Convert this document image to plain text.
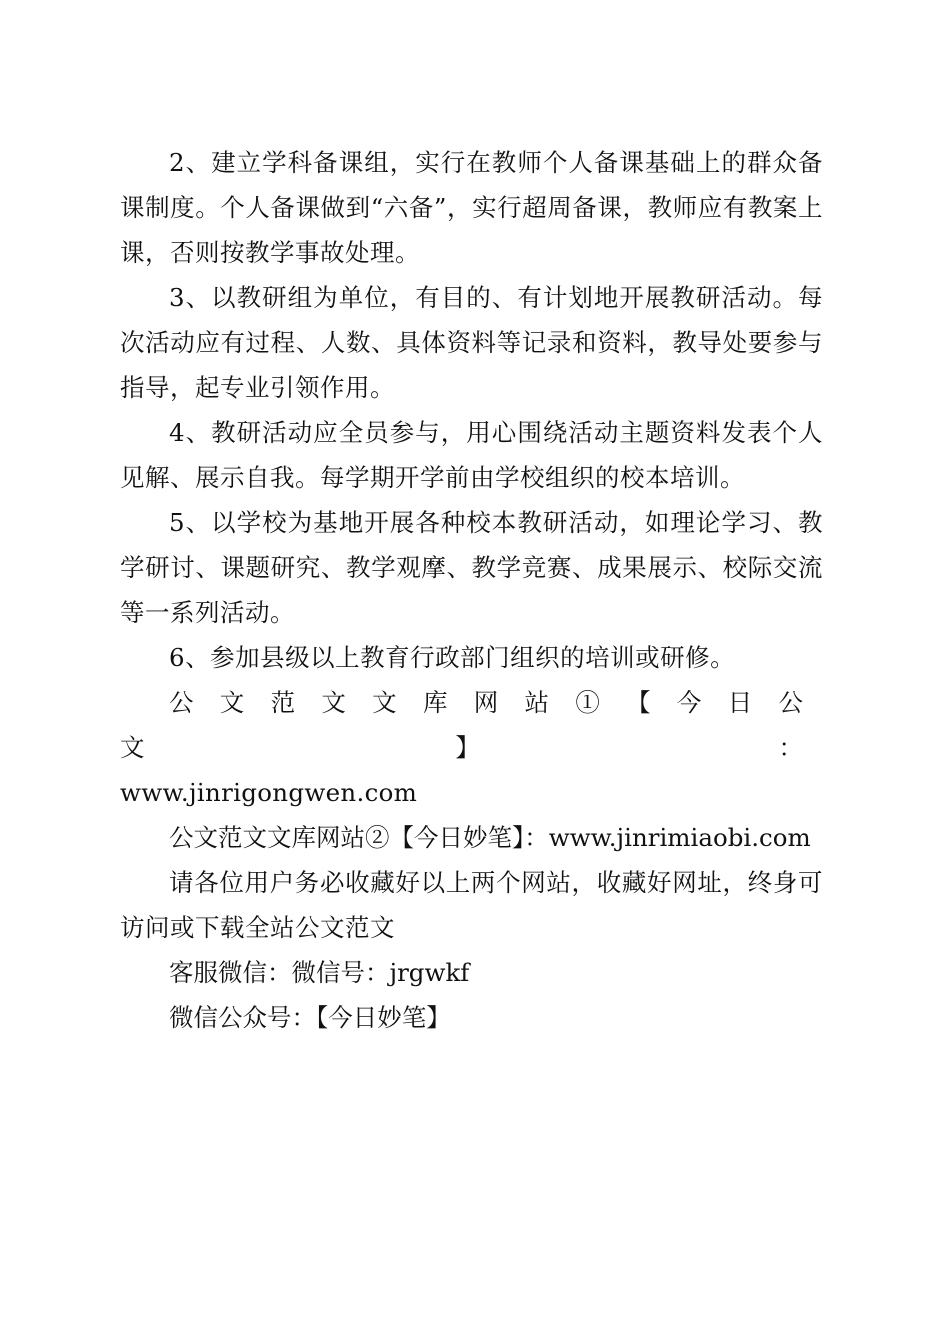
2、建立学科备课组，实行在教师个人备课基础上的群众备课制度。个人备课做到“六备”，实行超周备课，教师应有教案上课，否则按教学事故处理。

3、以教研组为单位，有目的、有计划地开展教研活动。每次活动应有过程、人数、具体资料等记录和资料，教导处要参与指导，起专业引领作用。

4、教研活动应全员参与，用心围绕活动主题资料发表个人见解、展示自我。每学期开学前由学校组织的校本培训。

5、以学校为基地开展各种校本教研活动，如理论学习、教学研讨、课题研究、教学观摩、教学竞赛、成果展示、校际交流等一系列活动。

6、参加县级以上教育行政部门组织的培训或研修。

公文范文文库网站①【今日公文】：

www.jinrigongwen.com

公文范文文库网站②【今日妙笔】：www.jinrimiaobi.com

请各位用户务必收藏好以上两个网站，收藏好网址，终身可访问或下载全站公文范文

客服微信：微信号：jrgwkf

微信公众号：【今日妙笔】
